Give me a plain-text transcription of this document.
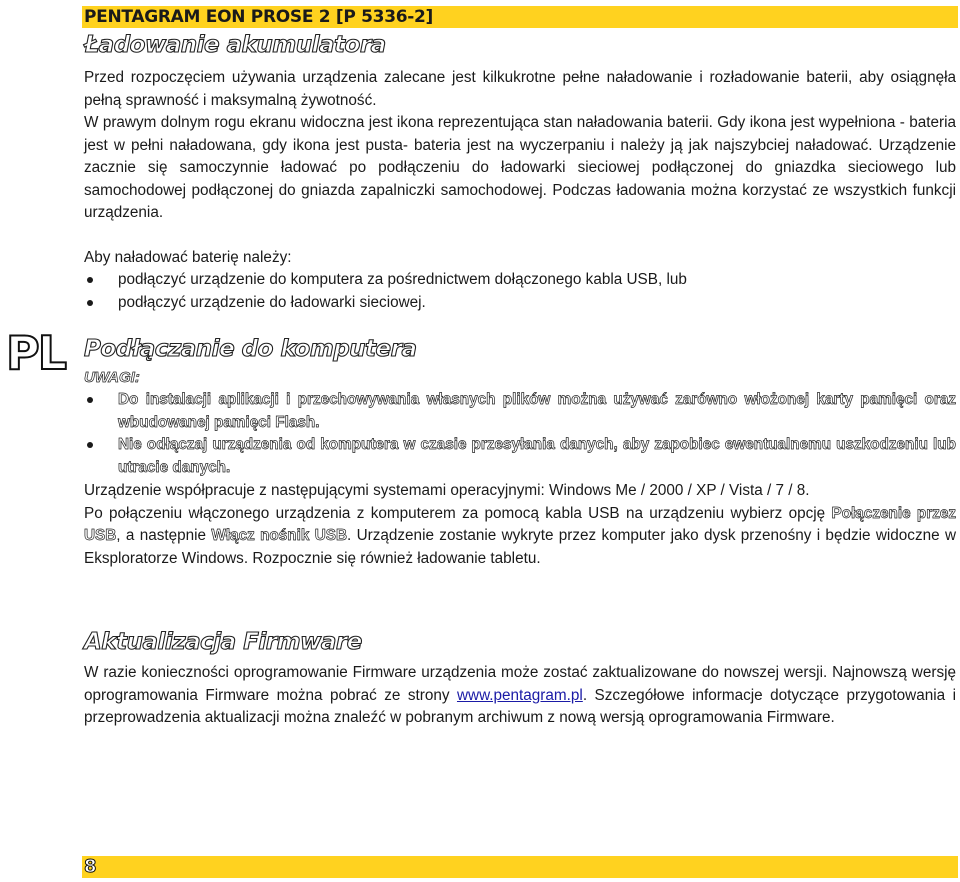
PENTAGRAM EON PROSE 2 [P 5336-2]
PL
Ładowanie akumulatora

Przed rozpoczęciem używania urządzenia zalecane jest kilkukrotne pełne naładowanie i rozładowanie baterii, aby osiągnęła pełną sprawność i maksymalną żywotność.

W prawym dolnym rogu ekranu widoczna jest ikona reprezentująca stan naładowania baterii. Gdy ikona jest wypełniona - bateria jest w pełni naładowana, gdy ikona jest pusta- bateria jest na wyczerpaniu i należy ją jak najszybciej naładować. Urządzenie zacznie się samoczynnie ładować po podłączeniu do ładowarki sieciowej podłączonej do gniazdka sieciowego lub samochodowej podłączonej do gniazda zapalniczki samochodowej. Podczas ładowania można korzystać ze wszystkich funkcji urządzenia.

Aby naładować baterię należy:

podłączyć urządzenie do komputera za pośrednictwem dołączonego kabla USB, lub
podłączyć urządzenie do ładowarki sieciowej.
Podłączanie do komputera
UWAGI:
Do instalacji aplikacji i przechowywania własnych plików można używać zarówno włożonej karty pamięci oraz wbudowanej pamięci Flash.
Nie odłączaj urządzenia od komputera w czasie przesyłania danych, aby zapobiec ewentualnemu uszkodzeniu lub utracie danych.

Urządzenie współpracuje z następującymi systemami operacyjnymi: Windows Me / 2000 / XP / Vista / 7 / 8.

Po połączeniu włączonego urządzenia z komputerem za pomocą kabla USB na urządzeniu wybierz opcję Połączenie przez USB, a następnie Włącz nośnik USB. Urządzenie zostanie wykryte przez komputer jako dysk przenośny i będzie widoczne w Eksploratorze Windows. Rozpocznie się również ładowanie tabletu.

Aktualizacja Firmware

W razie konieczności oprogramowanie Firmware urządzenia może zostać zaktualizowane do nowszej wersji. Najnowszą wersję oprogramowania Firmware można pobrać ze strony www.pentagram.pl. Szczegółowe informacje dotyczące przygotowania i przeprowadzenia aktualizacji można znaleźć w pobranym archiwum z nową wersją oprogramowania Firmware.

8
